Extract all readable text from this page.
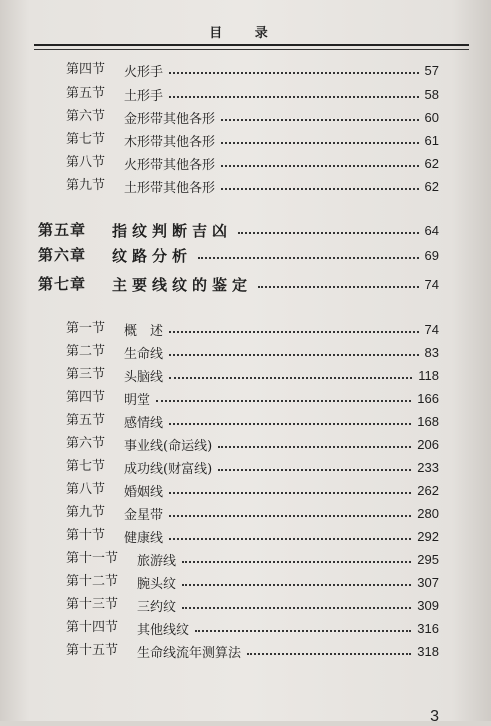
目 录
第四节 火形手	57
第五节 土形手	58
第六节 金形带其他各形	60
第七节 木形带其他各形	61
第八节 火形带其他各形	62
第九节 土形带其他各形	62
第五章 指纹判断吉凶	64
第六章 纹路分析	69
第七章 主要线纹的鉴定	74
第一节 概　述	74
第二节 生命线	83
第三节 头脑线	118
第四节 明堂	166
第五节 感情线	168
第六节 事业线(命运线)	206
第七节 成功线(财富线)	233
第八节 婚姻线	262
第九节 金星带	280
第十节 健康线	292
第十一节 旅游线	295
第十二节 腕头纹	307
第十三节 三约纹	309
第十四节 其他线纹	316
第十五节 生命线流年测算法	318
3
